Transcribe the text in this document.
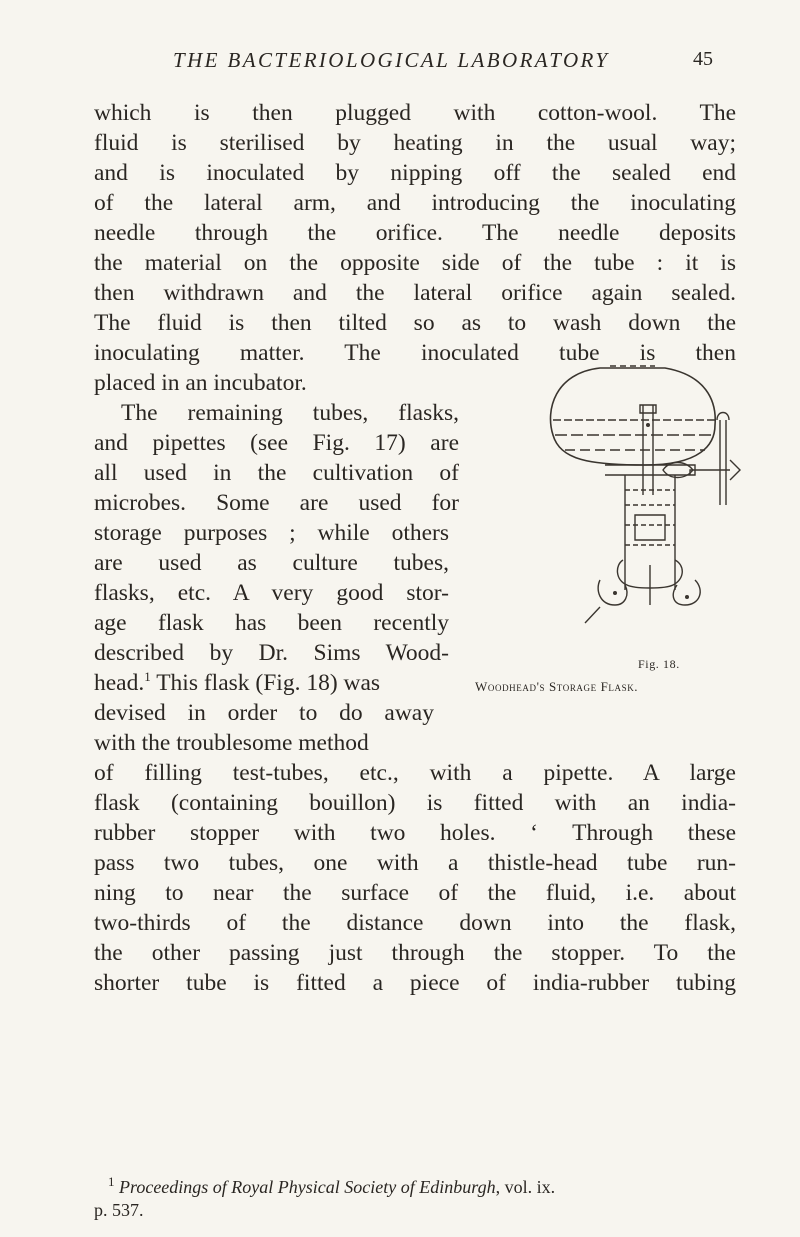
THE BACTERIOLOGICAL LABORATORY	45
which is then plugged with cotton-wool. The
fluid is sterilised by heating in the usual way;
and is inoculated by nipping off the sealed end
of the lateral arm, and introducing the inoculating
needle through the orifice. The needle deposits
the material on the opposite side of the tube : it is
then withdrawn and the lateral orifice again sealed.
The fluid is then tilted so as to wash down the
inoculating matter. The inoculated tube is then
placed in an incubator.
The remaining tubes, flasks,
and pipettes (see Fig. 17) are
all used in the cultivation of
microbes. Some are used for
storage purposes ; while others
are used as culture tubes,
flasks, etc. A very good stor-
age flask has been recently
described by Dr. Sims Wood-
head.$^1$ This flask (Fig. 18) was
devised in order to do away
with the troublesome method
Fig. 18.
Woodhead's Storage Flask.
of filling test-tubes, etc., with a pipette. A large
flask (containing bouillon) is fitted with an india-
rubber stopper with two holes. ‘ Through these
pass two tubes, one with a thistle-head tube run-
ning to near the surface of the fluid, i.e. about
two-thirds of the distance down into the flask,
the other passing just through the stopper. To the
shorter tube is fitted a piece of india-rubber tubing
$^1$ Proceedings of Royal Physical Society of Edinburgh, vol. ix.
p. 537.
